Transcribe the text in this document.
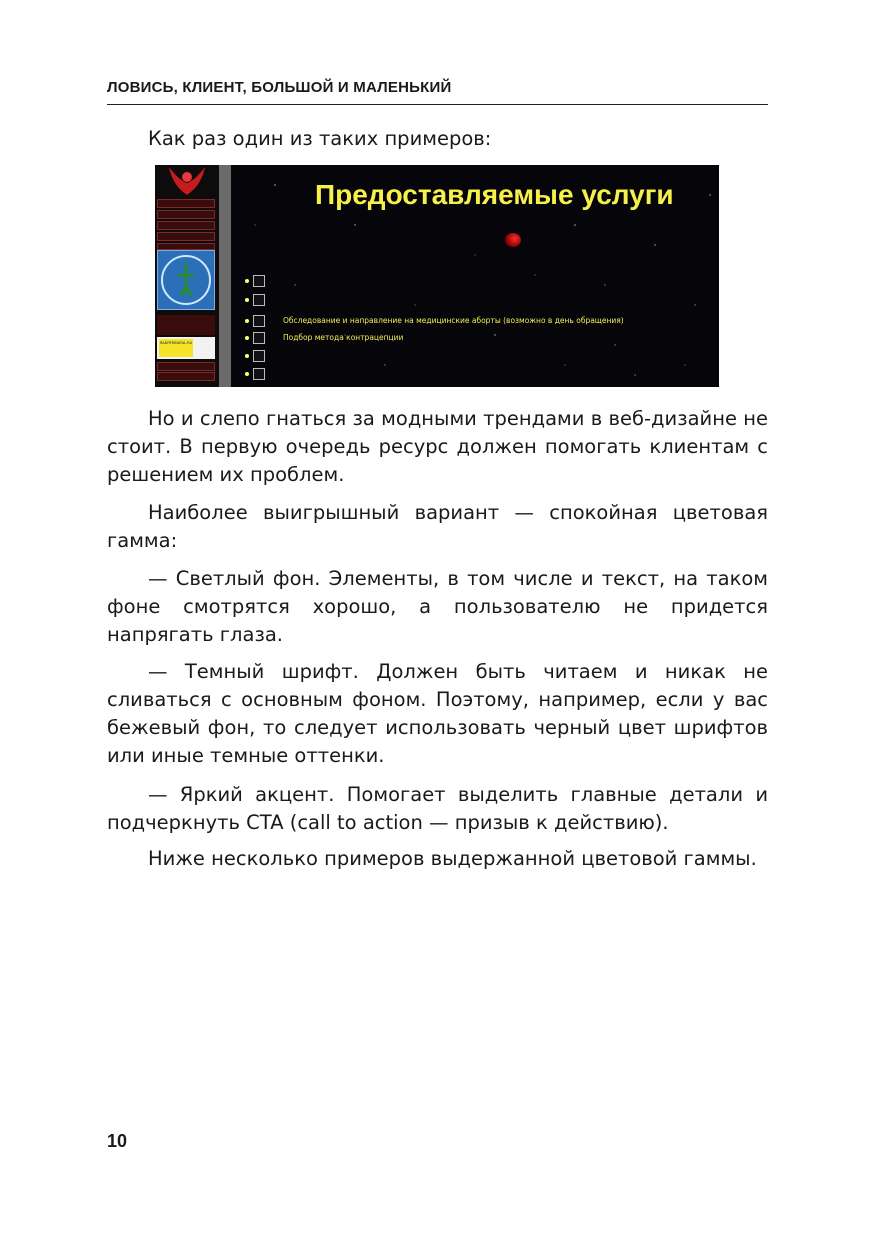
ЛОВИСЬ, КЛИЕНТ, БОЛЬШОЙ И МАЛЕНЬКИЙ

Как раз один из таких примеров:

RADPERINATAL.RU
Предоставляемые услуги
Обследование и направление на медицинские аборты (возможно в день обращения)
Подбор метода контрацепции

Но и слепо гнаться за модными трендами в веб-дизайне не стоит. В первую очередь ресурс должен помогать клиентам с решением их проблем.

Наиболее выигрышный вариант — спокойная цветовая гамма:

— Светлый фон. Элементы, в том числе и текст, на таком фоне смотрятся хорошо, а пользователю не придется напрягать глаза.

— Темный шрифт. Должен быть читаем и никак не сливаться с основным фоном. Поэтому, например, если у вас бежевый фон, то следует использовать черный цвет шрифтов или иные темные оттенки.

— Яркий акцент. Помогает выделить главные детали и подчеркнуть CTA (call to action — призыв к действию).

Ниже несколько примеров выдержанной цветовой гаммы.

10
